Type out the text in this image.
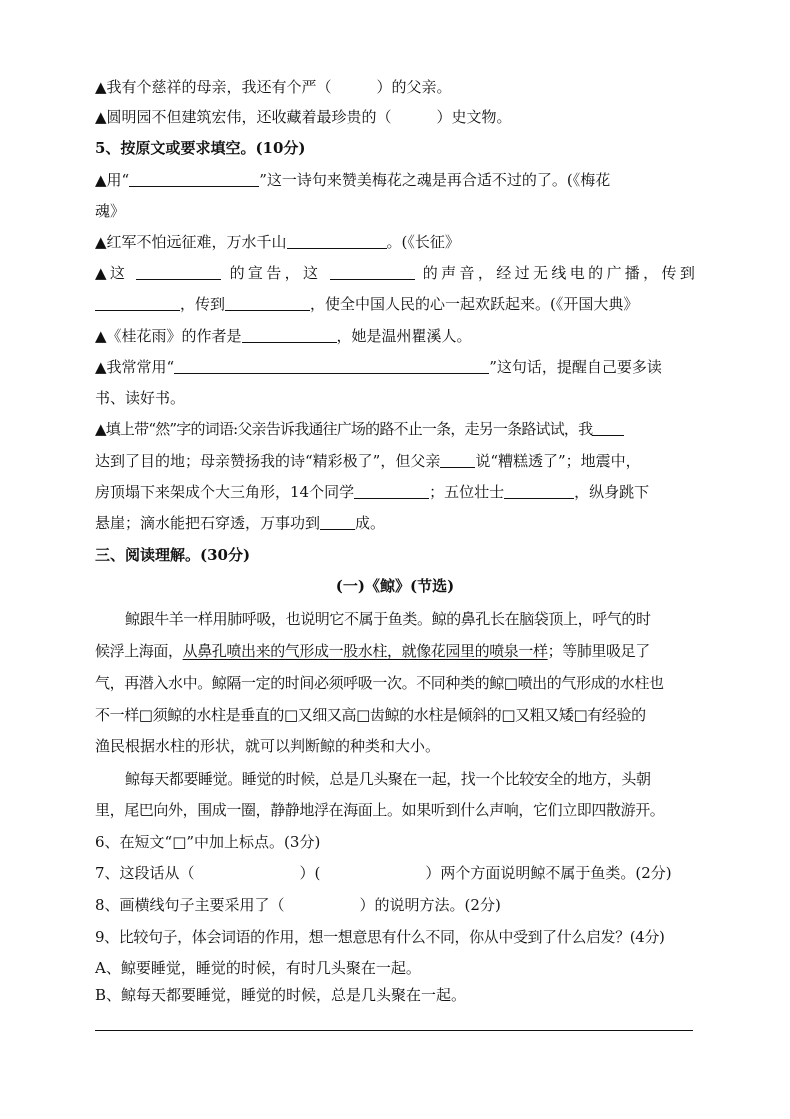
▲我有个慈祥的母亲，我还有个严（　　　）的父亲。
▲圆明园不但建筑宏伟，还收藏着最珍贵的（　　　）史文物。
5、按原文或要求填空。(10分)
▲用“	”这一诗句来赞美梅花之魂是再合适不过的了。(《梅花
魂》
▲红军不怕远征难，万水千山	。(《长征》
▲这	的宣告，这	的声音，经过无线电的广播，传到
，传到	，使全中国人民的心一起欢跃起来。(《开国大典》
▲《桂花雨》的作者是	，她是温州瞿溪人。
▲我常常用“	”这句话，提醒自己要多读
书、读好书。
▲填上带“然”字的词语:父亲告诉我通往广场的路不止一条，走另一条路试试，我
达到了目的地；母亲赞扬我的诗“精彩极了”，但父亲 说“糟糕透了”；地震中，
房顶塌下来架成个大三角形，14个同学	；五位壮士	，纵身跳下
悬崖；滴水能把石穿透，万事功到 成。
三、阅读理解。(30分)
(一)《鲸》(节选)
鲸跟牛羊一样用肺呼吸，也说明它不属于鱼类。鲸的鼻孔长在脑袋顶上，呼气的时
候浮上海面，从鼻孔喷出来的气形成一股水柱，就像花园里的喷泉一样；等肺里吸足了
气，再潜入水中。鲸隔一定的时间必须呼吸一次。不同种类的鲸□喷出的气形成的水柱也
不一样□须鲸的水柱是垂直的□又细又高□齿鲸的水柱是倾斜的□又粗又矮□有经验的
渔民根据水柱的形状，就可以判断鲸的种类和大小。
鲸每天都要睡觉。睡觉的时候，总是几头聚在一起，找一个比较安全的地方，头朝
里，尾巴向外，围成一圈，静静地浮在海面上。如果听到什么声响，它们立即四散游开。
6、在短文“□”中加上标点。(3分)
7、这段话从（　　　　　　　）(　　　　　　　）两个方面说明鲸不属于鱼类。(2分)
8、画横线句子主要采用了（　　　　　）的说明方法。(2分)
9、比较句子，体会词语的作用，想一想意思有什么不同，你从中受到了什么启发？(4分)
A、鲸要睡觉，睡觉的时候，有时几头聚在一起。
B、鲸每天都要睡觉，睡觉的时候，总是几头聚在一起。
